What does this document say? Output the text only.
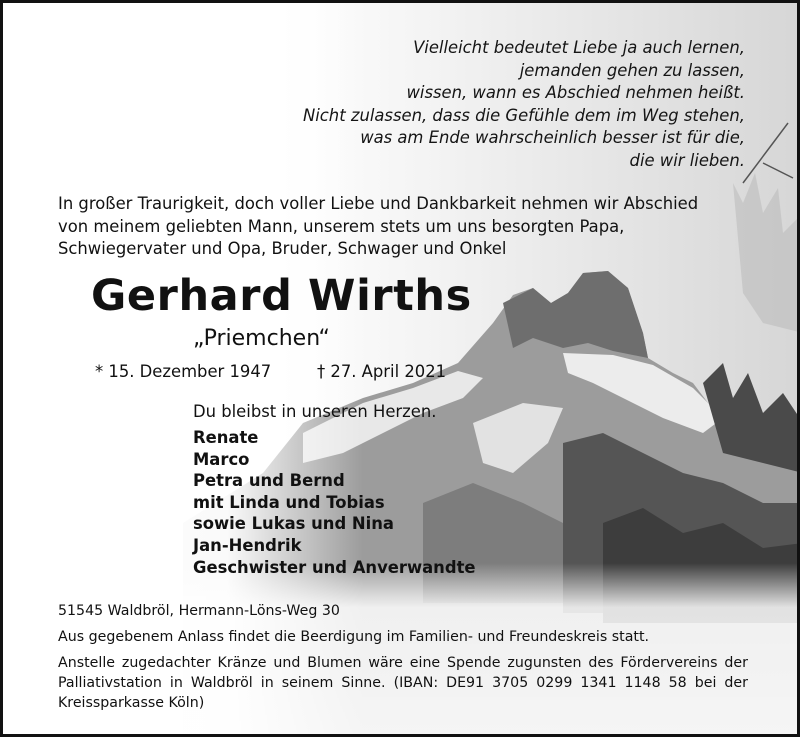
Vielleicht bedeutet Liebe ja auch lernen,
jemanden gehen zu lassen,
wissen, wann es Abschied nehmen heißt.
Nicht zulassen, dass die Gefühle dem im Weg stehen,
was am Ende wahrscheinlich besser ist für die,
die wir lieben.
In großer Traurigkeit, doch voller Liebe und Dankbarkeit nehmen wir Abschied
von meinem geliebten Mann, unserem stets um uns besorgten Papa,
Schwiegervater und Opa, Bruder, Schwager und Onkel
Gerhard Wirths
„Priemchen“
* 15. Dezember 1947	† 27. April 2021
Du bleibst in unseren Herzen.
Renate
Marco
Petra und Bernd
mit Linda und Tobias
sowie Lukas und Nina
Jan-Hendrik
Geschwister und Anverwandte
51545 Waldbröl, Hermann-Löns-Weg 30
Aus gegebenem Anlass findet die Beerdigung im Familien- und Freundeskreis statt.
Anstelle zugedachter Kränze und Blumen wäre eine Spende zugunsten des Fördervereins der Palliativstation in Waldbröl in seinem Sinne. (IBAN: DE91 3705 0299 1341 1148 58 bei der Kreissparkasse Köln)
